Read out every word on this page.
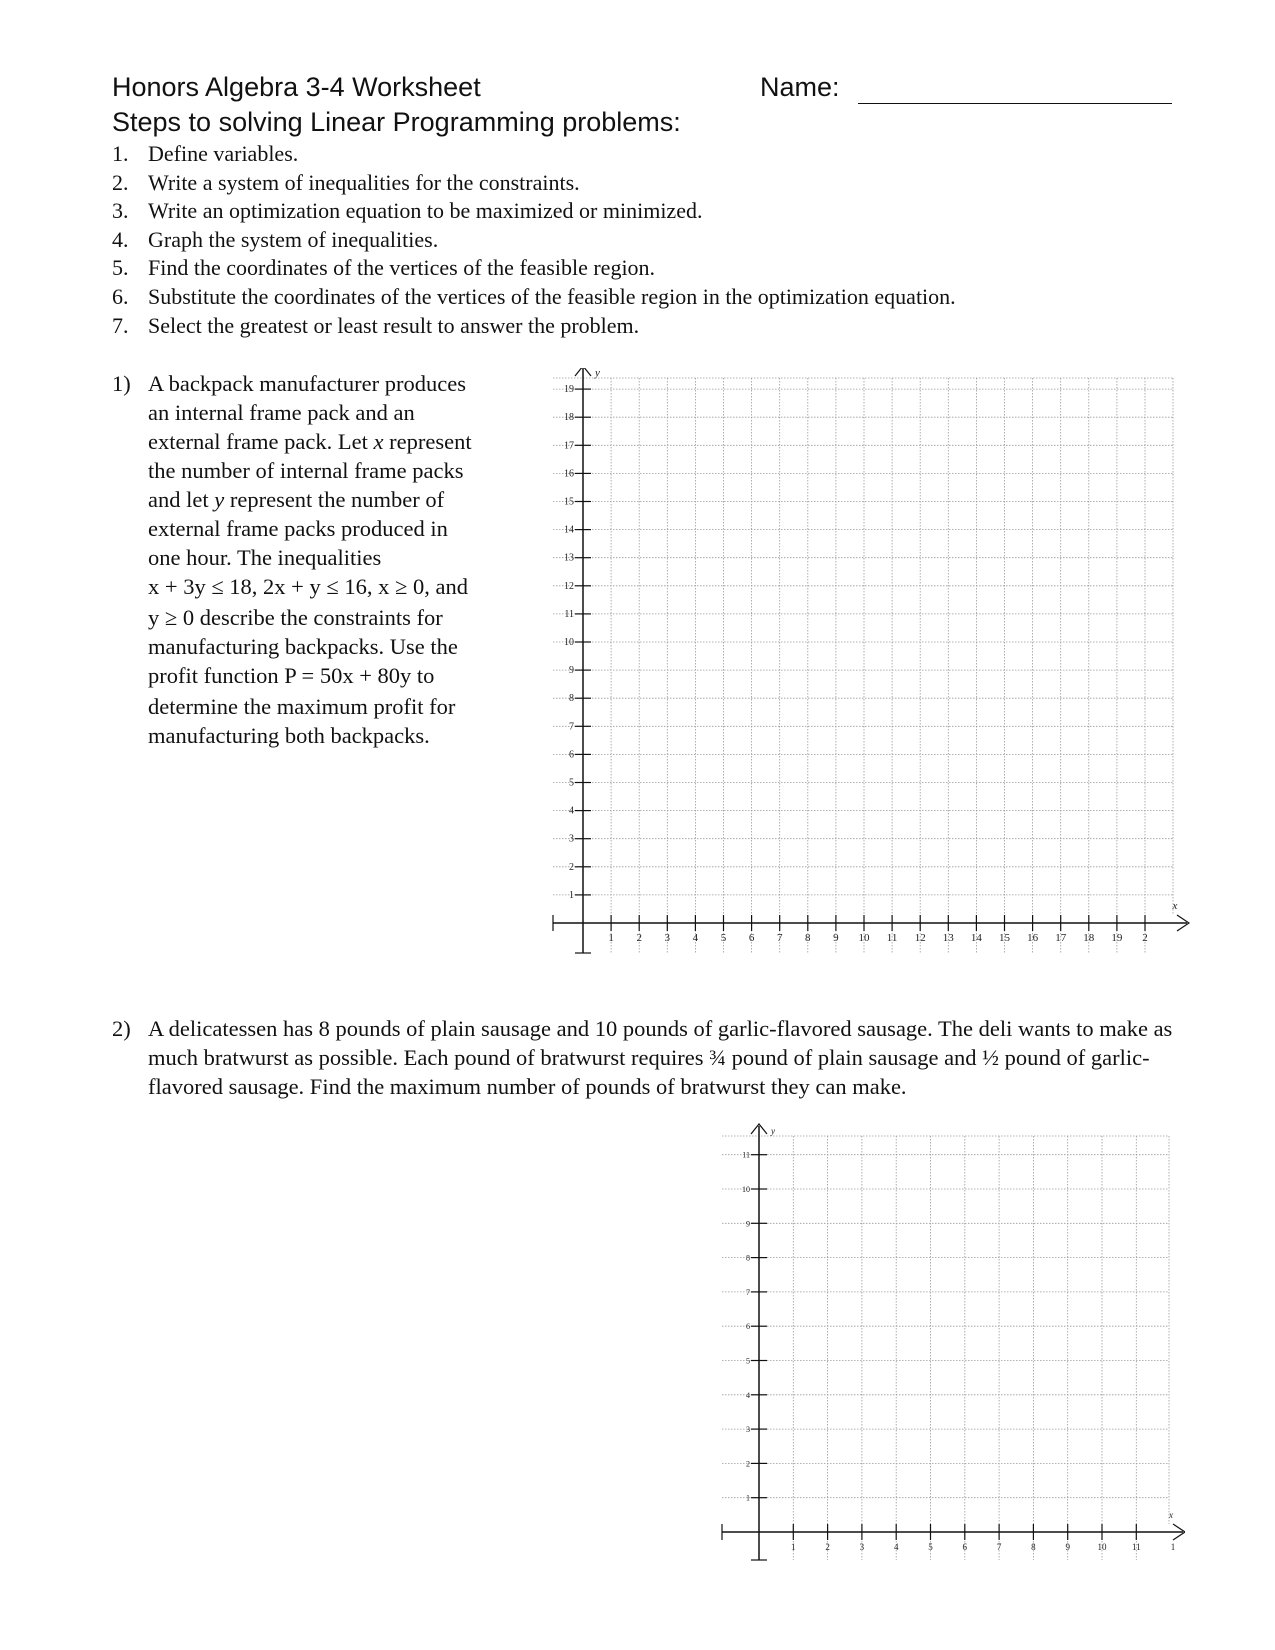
Honors Algebra 3-4 Worksheet	Name:
Steps to solving Linear Programming problems:
1. Define variables.
2. Write a system of inequalities for the constraints.
3. Write an optimization equation to be maximized or minimized.
4. Graph the system of inequalities.
5. Find the coordinates of the vertices of the feasible region.
6. Substitute the coordinates of the vertices of the feasible region in the optimization equation.
7. Select the greatest or least result to answer the problem.
1) A backpack manufacturer produces
an internal frame pack and an
external frame pack. Let x represent
the number of internal frame packs
and let y represent the number of
external frame packs produced in
one hour. The inequalities
x + 3y ≤ 18, 2x + y ≤ 16, x ≥ 0, and
y ≥ 0 describe the constraints for
manufacturing backpacks. Use the
profit function P = 50x + 80y to
determine the maximum profit for
manufacturing both backpacks.
1 2 3 4 5 6 7 8 9 10 11 12 13 14 15 16 17 18 19 2
1
2
3
4
5
6
7
8
9
10
11
12
13
14
15
16
17
18
19
x
y
2) A delicatessen has 8 pounds of plain sausage and 10 pounds of garlic-flavored sausage. The deli wants to make as much bratwurst as possible. Each pound of bratwurst requires ¾ pound of plain sausage and ½ pound of garlic-flavored sausage. Find the maximum number of pounds of bratwurst they can make.
1	2	3	4	5	6	7	8	9	10	11	1
1
2
3
4
5
6
7
8
9
10
11
x
y
